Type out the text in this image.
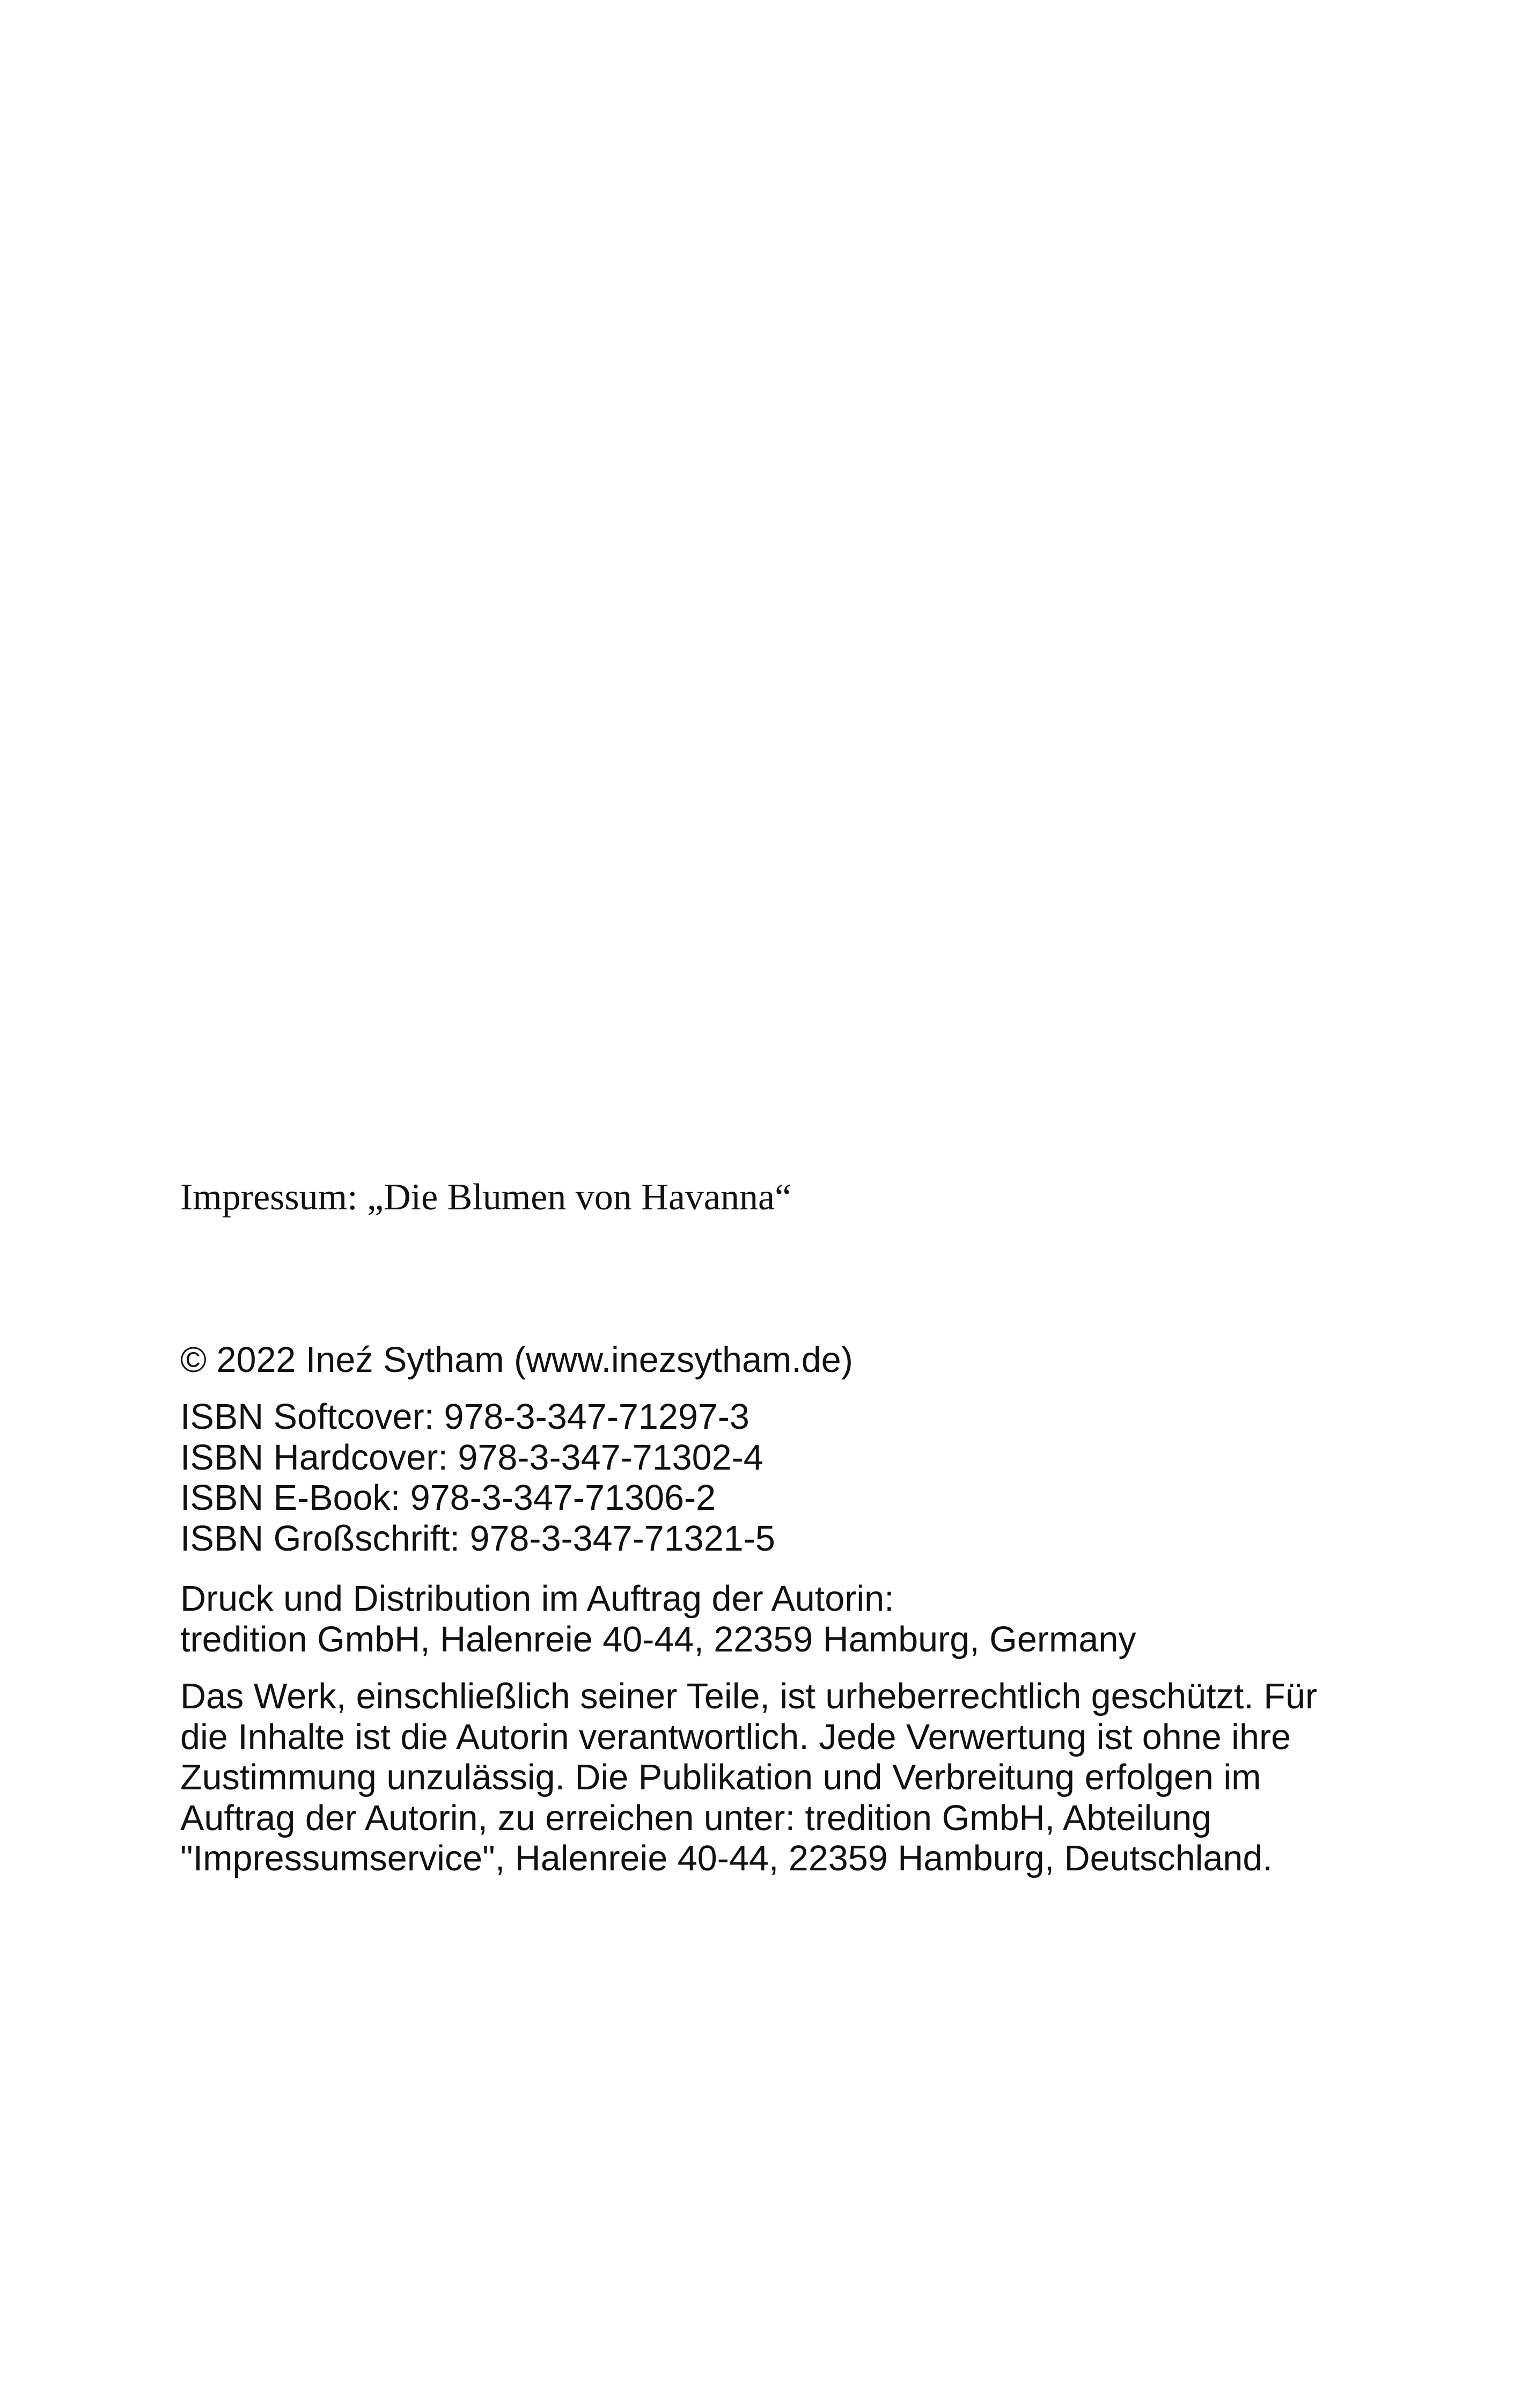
Impressum: „Die Blumen von Havanna“

© 2022 Ineź Sytham (www.inezsytham.de)

ISBN Softcover: 978-3-347-71297-3
ISBN Hardcover: 978-3-347-71302-4
ISBN E-Book: 978-3-347-71306-2
ISBN Großschrift: 978-3-347-71321-5

Druck und Distribution im Auftrag der Autorin:
tredition GmbH, Halenreie 40-44, 22359 Hamburg, Germany

Das Werk, einschließlich seiner Teile, ist urheberrechtlich geschützt. Für
die Inhalte ist die Autorin verantwortlich. Jede Verwertung ist ohne ihre
Zustimmung unzulässig. Die Publikation und Verbreitung erfolgen im
Auftrag der Autorin, zu erreichen unter: tredition GmbH, Abteilung
"Impressumservice", Halenreie 40-44, 22359 Hamburg, Deutschland.
